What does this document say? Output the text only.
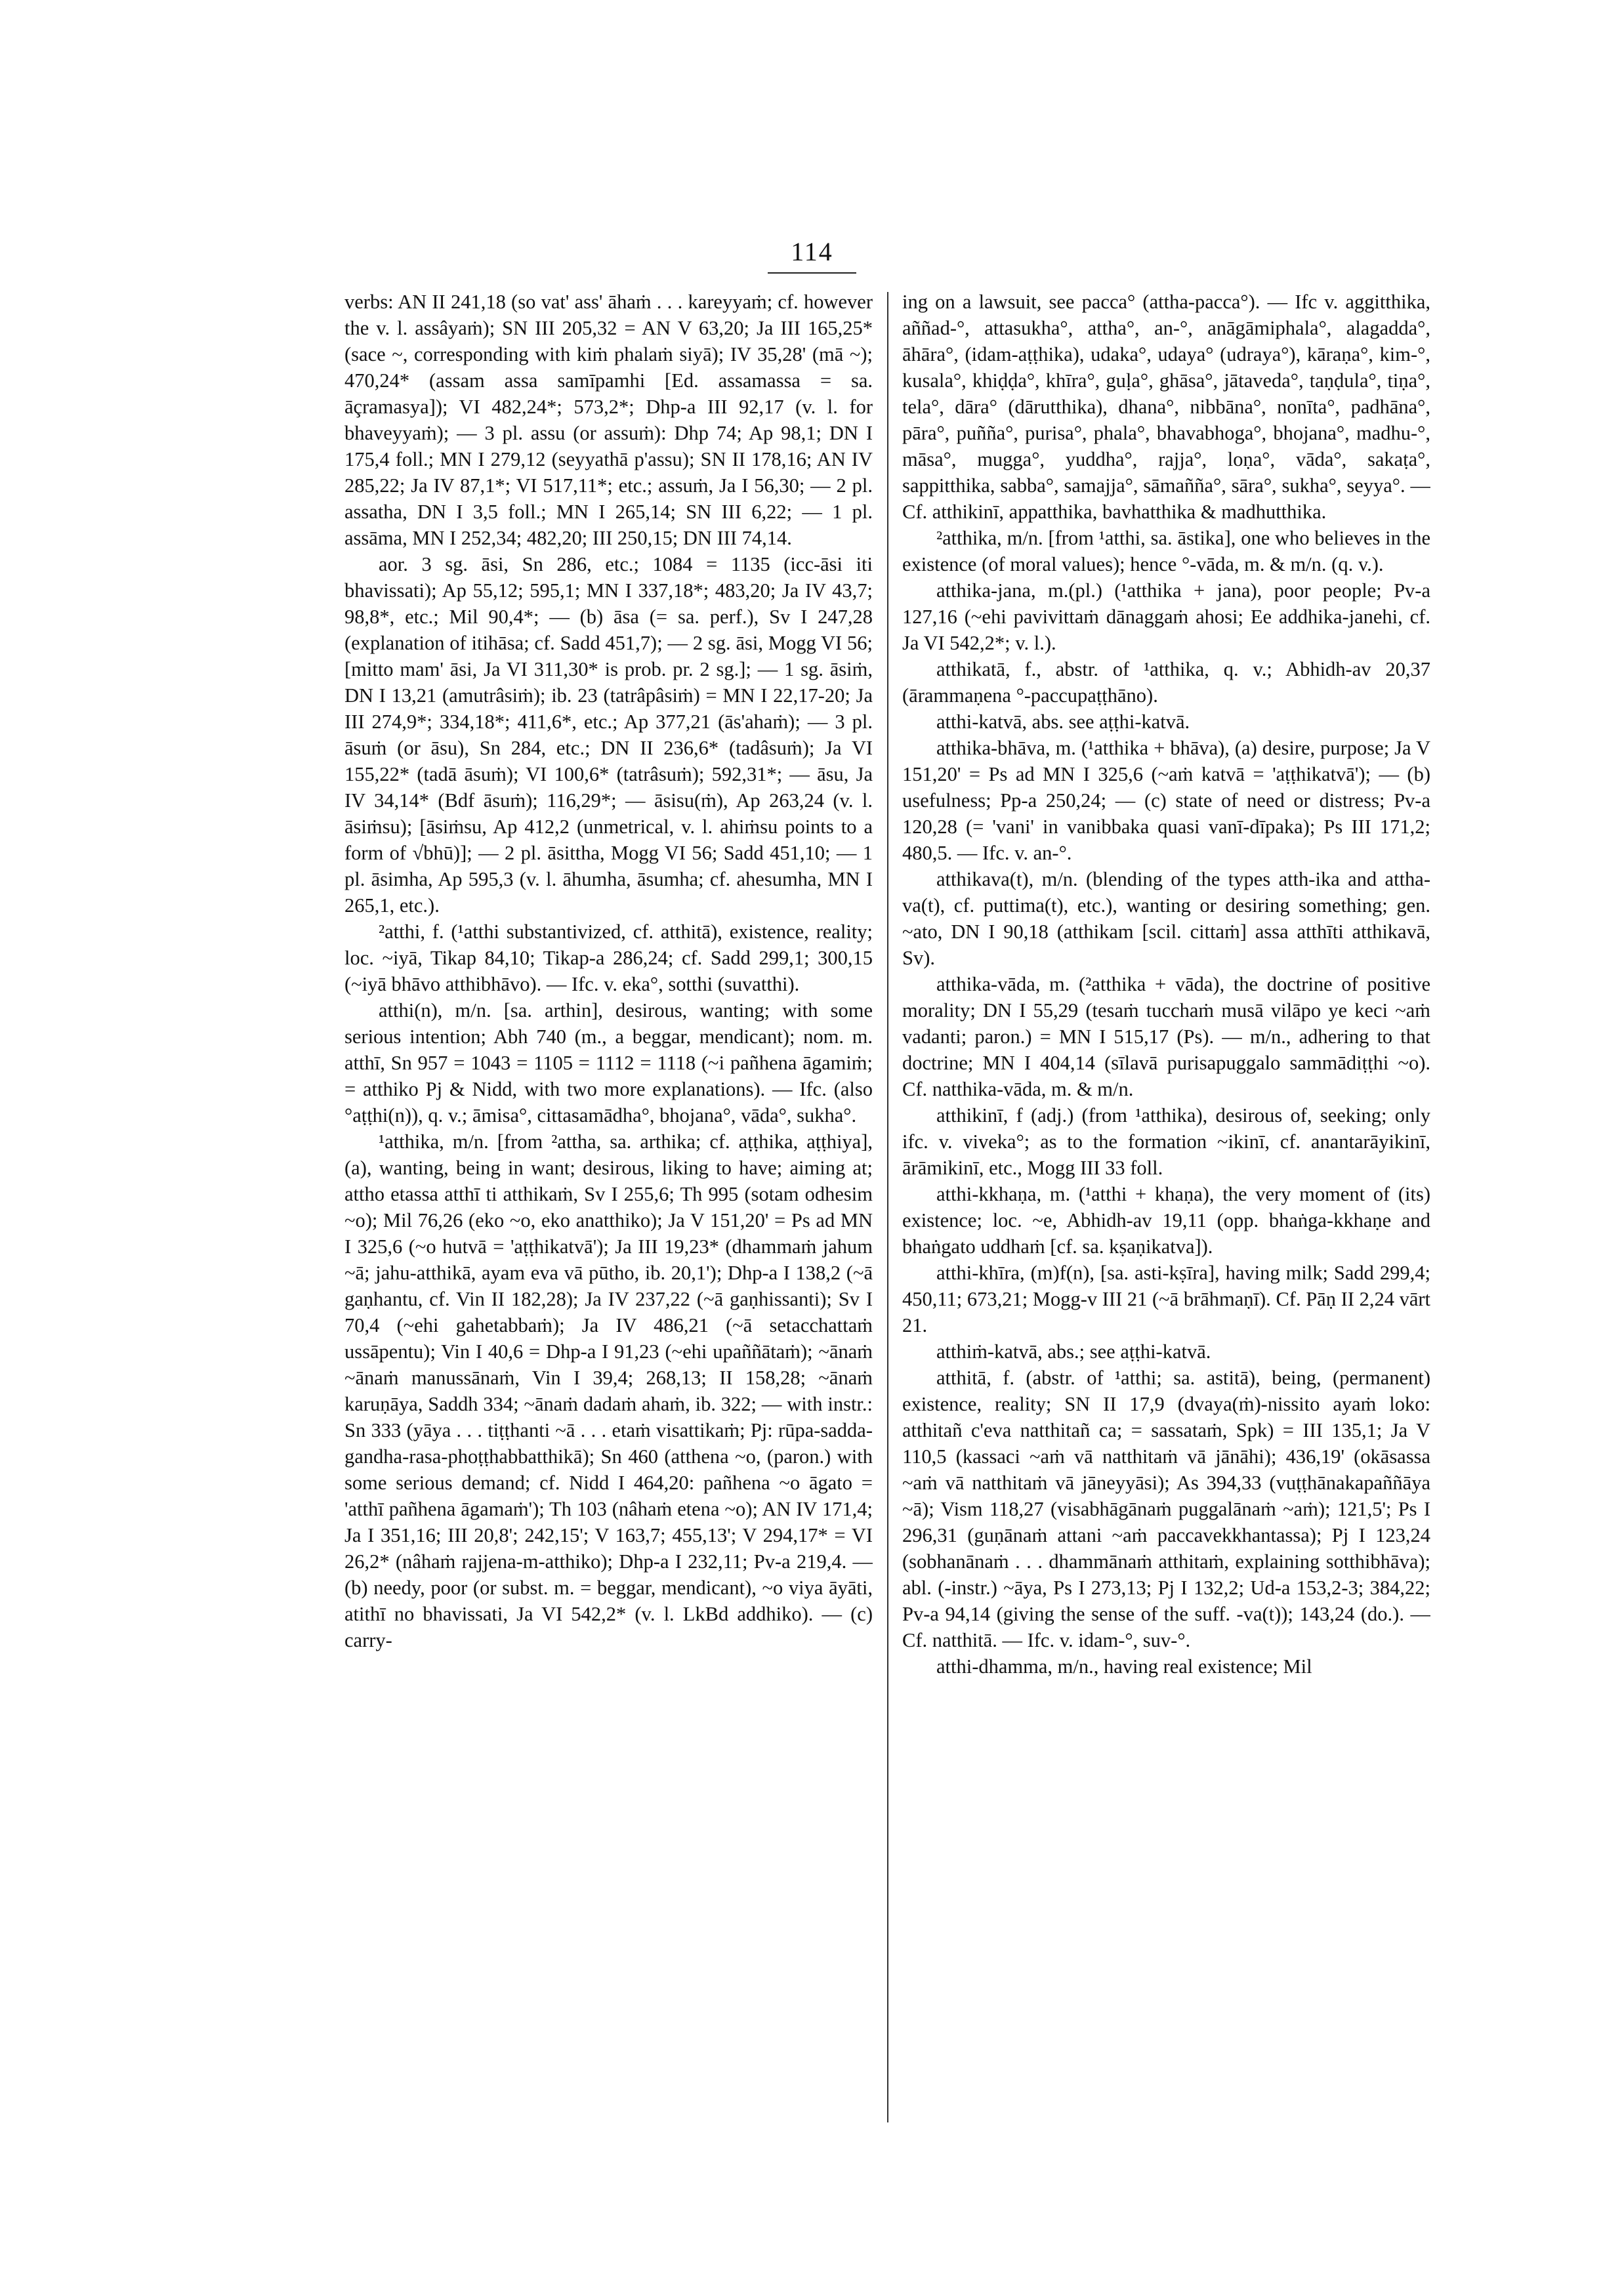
114

verbs: AN II 241,18 (so vat' ass' āhaṁ . . . kareyyaṁ; cf. however the v. l. assâyaṁ); SN III 205,32 = AN V 63,20; Ja III 165,25* (sace ~, corresponding with kiṁ phalaṁ siyā); IV 35,28' (mā ~); 470,24* (assam assa samīpamhi [Ed. assamassa = sa. āçramasya]); VI 482,24*; 573,2*; Dhp-a III 92,17 (v. l. for bhaveyyaṁ); — 3 pl. assu (or assuṁ): Dhp 74; Ap 98,1; DN I 175,4 foll.; MN I 279,12 (seyyathā p'assu); SN II 178,16; AN IV 285,22; Ja IV 87,1*; VI 517,11*; etc.; assuṁ, Ja I 56,30; — 2 pl. assatha, DN I 3,5 foll.; MN I 265,14; SN III 6,22; — 1 pl. assāma, MN I 252,34; 482,20; III 250,15; DN III 74,14.

aor. 3 sg. āsi, Sn 286, etc.; 1084 = 1135 (icc-āsi iti bhavissati); Ap 55,12; 595,1; MN I 337,18*; 483,20; Ja IV 43,7; 98,8*, etc.; Mil 90,4*; — (b) āsa (= sa. perf.), Sv I 247,28 (explanation of itihāsa; cf. Sadd 451,7); — 2 sg. āsi, Mogg VI 56; [mitto mam' āsi, Ja VI 311,30* is prob. pr. 2 sg.]; — 1 sg. āsiṁ, DN I 13,21 (amutrâsiṁ); ib. 23 (tatrâpâsiṁ) = MN I 22,17-20; Ja III 274,9*; 334,18*; 411,6*, etc.; Ap 377,21 (ās'ahaṁ); — 3 pl. āsuṁ (or āsu), Sn 284, etc.; DN II 236,6* (tadâsuṁ); Ja VI 155,22* (tadā āsuṁ); VI 100,6* (tatrâsuṁ); 592,31*; — āsu, Ja IV 34,14* (Bdf āsuṁ); 116,29*; — āsisu(ṁ), Ap 263,24 (v. l. āsiṁsu); [āsiṁsu, Ap 412,2 (unmetrical, v. l. ahiṁsu points to a form of √bhū)]; — 2 pl. āsittha, Mogg VI 56; Sadd 451,10; — 1 pl. āsimha, Ap 595,3 (v. l. āhumha, āsumha; cf. ahesumha, MN I 265,1, etc.).

²atthi, f. (¹atthi substantivized, cf. atthitā), existence, reality; loc. ~iyā, Tikap 84,10; Tikap-a 286,24; cf. Sadd 299,1; 300,15 (~iyā bhāvo atthibhāvo). — Ifc. v. eka°, sotthi (suvatthi).

atthi(n), m/n. [sa. arthin], desirous, wanting; with some serious intention; Abh 740 (m., a beggar, mendicant); nom. m. atthī, Sn 957 = 1043 = 1105 = 1112 = 1118 (~i pañhena āgamiṁ; = atthiko Pj & Nidd, with two more explanations). — Ifc. (also °aṭṭhi(n)), q. v.; āmisa°, cittasamādha°, bhojana°, vāda°, sukha°.

¹atthika, m/n. [from ²attha, sa. arthika; cf. aṭṭhika, aṭṭhiya], (a), wanting, being in want; desirous, liking to have; aiming at; attho etassa atthī ti atthikaṁ, Sv I 255,6; Th 995 (sotam odhesim ~o); Mil 76,26 (eko ~o, eko anatthiko); Ja V 151,20' = Ps ad MN I 325,6 (~o hutvā = 'aṭṭhikatvā'); Ja III 19,23* (dhammaṁ jahum ~ā; jahu-atthikā, ayam eva vā pūtho, ib. 20,1'); Dhp-a I 138,2 (~ā gaṇhantu, cf. Vin II 182,28); Ja IV 237,22 (~ā gaṇhissanti); Sv I 70,4 (~ehi gahetabbaṁ); Ja IV 486,21 (~ā setacchattaṁ ussāpentu); Vin I 40,6 = Dhp-a I 91,23 (~ehi upaññātaṁ); ~ānaṁ ~ānaṁ manussānaṁ, Vin I 39,4; 268,13; II 158,28; ~ānaṁ karuṇāya, Saddh 334; ~ānaṁ dadaṁ ahaṁ, ib. 322; — with instr.: Sn 333 (yāya . . . tiṭṭhanti ~ā . . . etaṁ visattikaṁ; Pj: rūpa-sadda-gandha-rasa-phoṭṭhabbatthikā); Sn 460 (atthena ~o, (paron.) with some serious demand; cf. Nidd I 464,20: pañhena ~o āgato = 'atthī pañhena āgamaṁ'); Th 103 (nâhaṁ etena ~o); AN IV 171,4; Ja I 351,16; III 20,8'; 242,15'; V 163,7; 455,13'; V 294,17* = VI 26,2* (nâhaṁ rajjena-m-atthiko); Dhp-a I 232,11; Pv-a 219,4. — (b) needy, poor (or subst. m. = beggar, mendicant), ~o viya āyāti, atithī no bhavissati, Ja VI 542,2* (v. l. LkBd addhiko). — (c) carry-

ing on a lawsuit, see pacca° (attha-pacca°). — Ifc v. aggitthika, aññad-°, attasukha°, attha°, an-°, anāgāmiphala°, alagadda°, āhāra°, (idam-aṭṭhika), udaka°, udaya° (udraya°), kāraṇa°, kim-°, kusala°, khiḍḍa°, khīra°, guḷa°, ghāsa°, jātaveda°, taṇḍula°, tiṇa°, tela°, dāra° (dārutthika), dhana°, nibbāna°, nonīta°, padhāna°, pāra°, puñña°, purisa°, phala°, bhavabhoga°, bhojana°, madhu-°, māsa°, mugga°, yuddha°, rajja°, loṇa°, vāda°, sakaṭa°, sappitthika, sabba°, samajja°, sāmañña°, sāra°, sukha°, seyya°. — Cf. atthikinī, appatthika, bavhatthika & madhutthika.

²atthika, m/n. [from ¹atthi, sa. āstika], one who believes in the existence (of moral values); hence °-vāda, m. & m/n. (q. v.).

atthika-jana, m.(pl.) (¹atthika + jana), poor people; Pv-a 127,16 (~ehi pavivittaṁ dānaggaṁ ahosi; Ee addhika-janehi, cf. Ja VI 542,2*; v. l.).

atthikatā, f., abstr. of ¹atthika, q. v.; Abhidh-av 20,37 (ārammaṇena °-paccupaṭṭhāno).

atthi-katvā, abs. see aṭṭhi-katvā.

atthika-bhāva, m. (¹atthika + bhāva), (a) desire, purpose; Ja V 151,20' = Ps ad MN I 325,6 (~aṁ katvā = 'aṭṭhikatvā'); — (b) usefulness; Pp-a 250,24; — (c) state of need or distress; Pv-a 120,28 (= 'vani' in vanibbaka quasi vanī-dīpaka); Ps III 171,2; 480,5. — Ifc. v. an-°.

atthikava(t), m/n. (blending of the types atth-ika and attha-va(t), cf. puttima(t), etc.), wanting or desiring something; gen. ~ato, DN I 90,18 (atthikam [scil. cittaṁ] assa atthīti atthikavā, Sv).

atthika-vāda, m. (²atthika + vāda), the doctrine of positive morality; DN I 55,29 (tesaṁ tucchaṁ musā vilāpo ye keci ~aṁ vadanti; paron.) = MN I 515,17 (Ps). — m/n., adhering to that doctrine; MN I 404,14 (sīlavā purisapuggalo sammādiṭṭhi ~o). Cf. natthika-vāda, m. & m/n.

atthikinī, f (adj.) (from ¹atthika), desirous of, seeking; only ifc. v. viveka°; as to the formation ~ikinī, cf. anantarāyikinī, ārāmikinī, etc., Mogg III 33 foll.

atthi-kkhaṇa, m. (¹atthi + khaṇa), the very moment of (its) existence; loc. ~e, Abhidh-av 19,11 (opp. bhaṅga-kkhaṇe and bhaṅgato uddhaṁ [cf. sa. kṣaṇikatva]).

atthi-khīra, (m)f(n), [sa. asti-kṣīra], having milk; Sadd 299,4; 450,11; 673,21; Mogg-v III 21 (~ā brāhmaṇī). Cf. Pāṇ II 2,24 vārt 21.

atthiṁ-katvā, abs.; see aṭṭhi-katvā.

atthitā, f. (abstr. of ¹atthi; sa. astitā), being, (permanent) existence, reality; SN II 17,9 (dvaya(ṁ)-nissito ayaṁ loko: atthitañ c'eva natthitañ ca; = sassataṁ, Spk) = III 135,1; Ja V 110,5 (kassaci ~aṁ vā natthitaṁ vā jānāhi); 436,19' (okāsassa ~aṁ vā natthitaṁ vā jāneyyāsi); As 394,33 (vuṭṭhānakapaññāya ~ā); Vism 118,27 (visabhāgānaṁ puggalānaṁ ~aṁ); 121,5'; Ps I 296,31 (guṇānaṁ attani ~aṁ paccavekkhantassa); Pj I 123,24 (sobhanānaṁ . . . dhammānaṁ atthitaṁ, explaining sotthibhāva); abl. (-instr.) ~āya, Ps I 273,13; Pj I 132,2; Ud-a 153,2-3; 384,22; Pv-a 94,14 (giving the sense of the suff. -va(t)); 143,24 (do.). — Cf. natthitā. — Ifc. v. idam-°, suv-°.

atthi-dhamma, m/n., having real existence; Mil
